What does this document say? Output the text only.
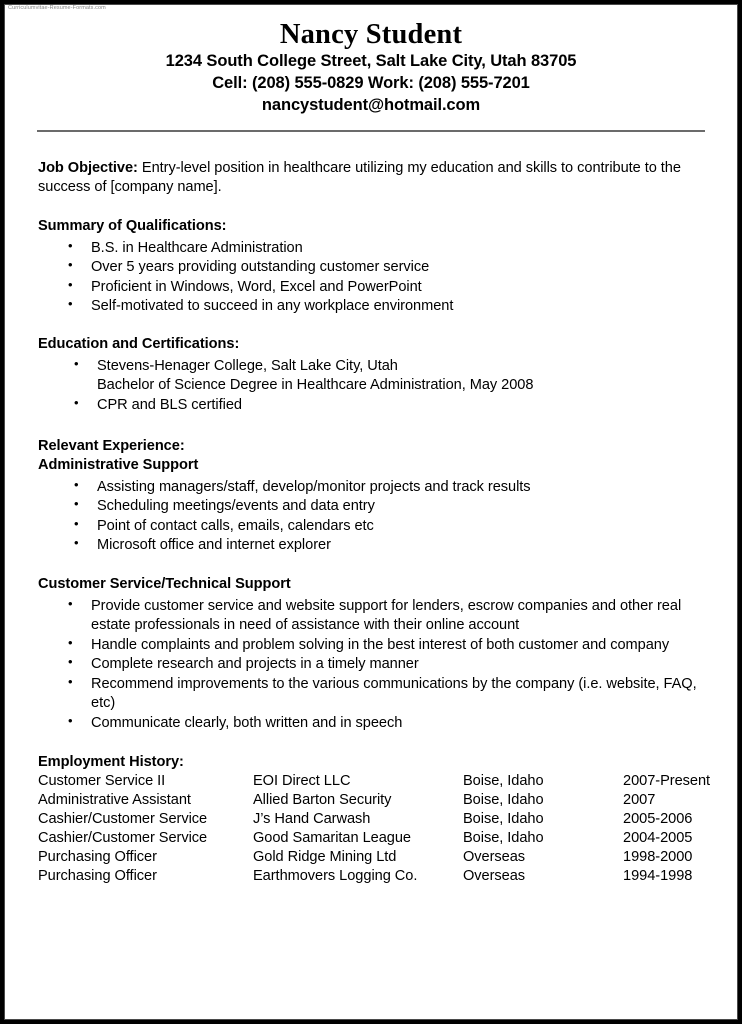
Curriculumvitae-Resume-Formats.com
Nancy Student
1234 South College Street, Salt Lake City, Utah 83705
Cell: (208) 555-0829 Work: (208) 555-7201
nancystudent@hotmail.com

Job Objective: Entry-level position in healthcare utilizing my education and skills to contribute to the success of [company name].

Summary of Qualifications:
• B.S. in Healthcare Administration
• Over 5 years providing outstanding customer service
• Proficient in Windows, Word, Excel and PowerPoint
• Self-motivated to succeed in any workplace environment
Education and Certifications:
• Stevens-Henager College, Salt Lake City, Utah
Bachelor of Science Degree in Healthcare Administration, May 2008
• CPR and BLS certified
Relevant Experience:
Administrative Support
• Assisting managers/staff, develop/monitor projects and track results
• Scheduling meetings/events and data entry
• Point of contact calls, emails, calendars etc
• Microsoft office and internet explorer
Customer Service/Technical Support
• Provide customer service and website support for lenders, escrow companies and other real estate professionals in need of assistance with their online account
• Handle complaints and problem solving in the best interest of both customer and company
• Complete research and projects in a timely manner
• Recommend improvements to the various communications by the company (i.e. website, FAQ, etc)
• Communicate clearly, both written and in speech
Employment History:
Customer Service II	EOI Direct LLC	Boise, Idaho	2007-Present
Administrative Assistant	Allied Barton Security	Boise, Idaho	2007
Cashier/Customer Service	J’s Hand Carwash	Boise, Idaho	2005-2006
Cashier/Customer Service	Good Samaritan League	Boise, Idaho	2004-2005
Purchasing Officer	Gold Ridge Mining Ltd	Overseas	1998-2000
Purchasing Officer	Earthmovers Logging Co.	Overseas	1994-1998
